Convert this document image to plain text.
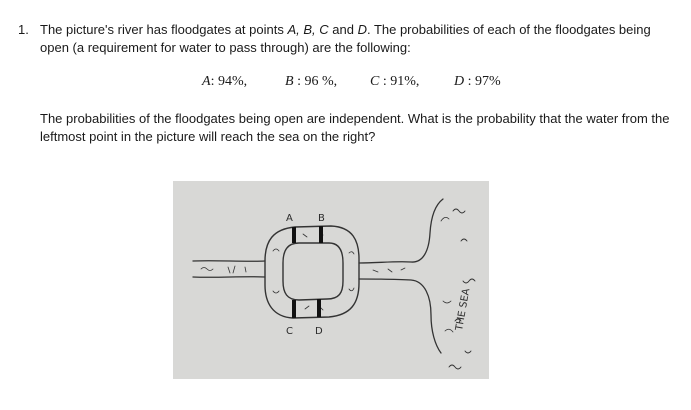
1. The picture's river has floodgates at points A, B, C and D. The probabilities of each of the floodgates being open (a requirement for water to pass through) are the following:
A: 94%,	B : 96 %, C : 91%, D : 97%
The probabilities of the floodgates being open are independent. What is the probability that the water from the leftmost point in the picture will reach the sea on the right?
A	B
C D	THE SEA
